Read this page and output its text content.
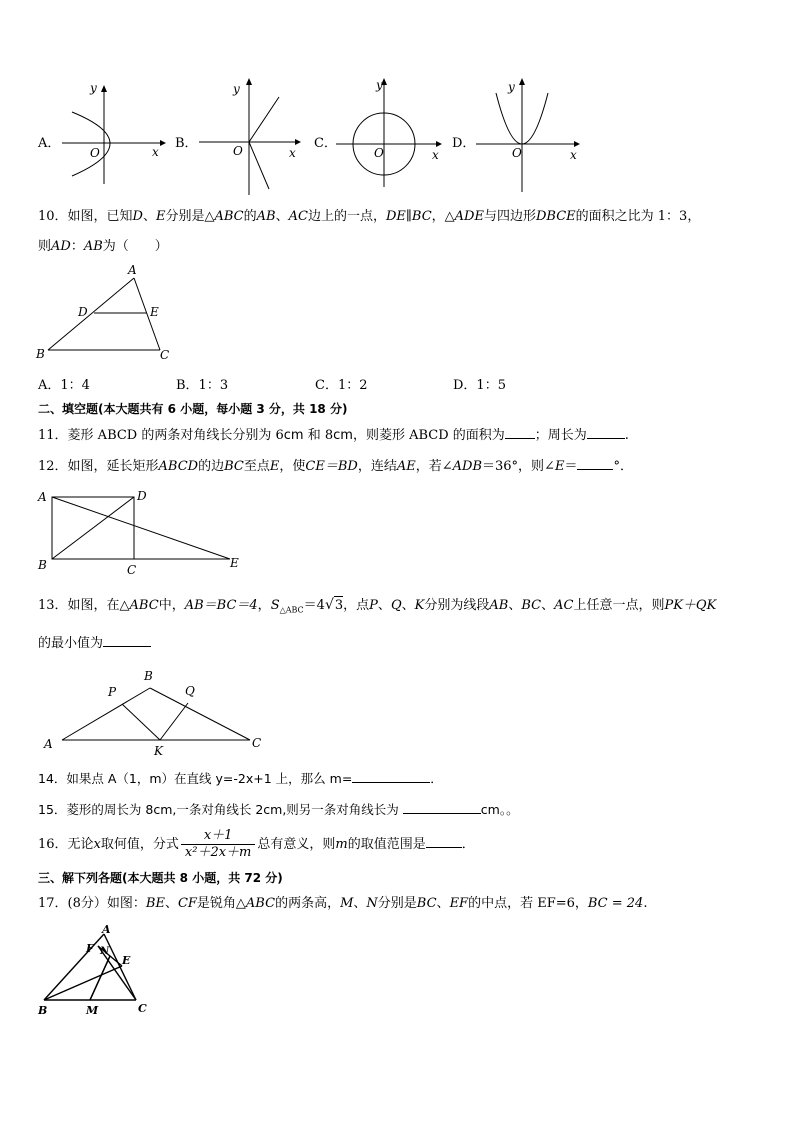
A．
y
x
O
B．
y
x
O	C．
y
x
O
D．
y
x
O
10．如图，已知D、E分别是△ABC的AB、AC边上的一点，DE∥BC，△ADE与四边形DBCE的面积之比为 1：3，
则AD：AB为（　　）
A
D	E
B	C
A．1：4	B．1：3	C．1：2	D．1：5
二、填空题(本大题共有 6 小题，每小题 3 分，共 18 分)
11．菱形 ABCD 的两条对角线长分别为 6cm 和 8cm，则菱形 ABCD 的面积为 ；周长为	.
12．如图，延长矩形ABCD的边BC至点E，使CE＝BD，连结AE，若∠ADB＝36°，则∠E＝	°．
A	D
B	C	E
13．如图，在△ABC中，AB＝BC＝4，$S_{\triangle ABC}=4√3$，点P、Q、K分别为线段AB、BC、AC上任意一点，则PK＋QK
的最小值为
B
P	Q
A	K
C
14．如果点 A（1，m）在直线 y=-2x+1 上，那么 m=	．
15．菱形的周长为 8cm,一条对角线长 2cm,则另一条对角线长为	cm。。
16．无论x取何值，分式 $\frac{x+1}{\text{x²＋2x＋m}}$ 总有意义，则m的取值范围是	．
三、解下列各题(本大题共 8 小题，共 72 分)
17．(8分）如图：BE、CF是锐角△ABC的两条高，M、N分别是BC、EF的中点，若 EF=6，BC = 24.
A
F N
E
B	M	C
